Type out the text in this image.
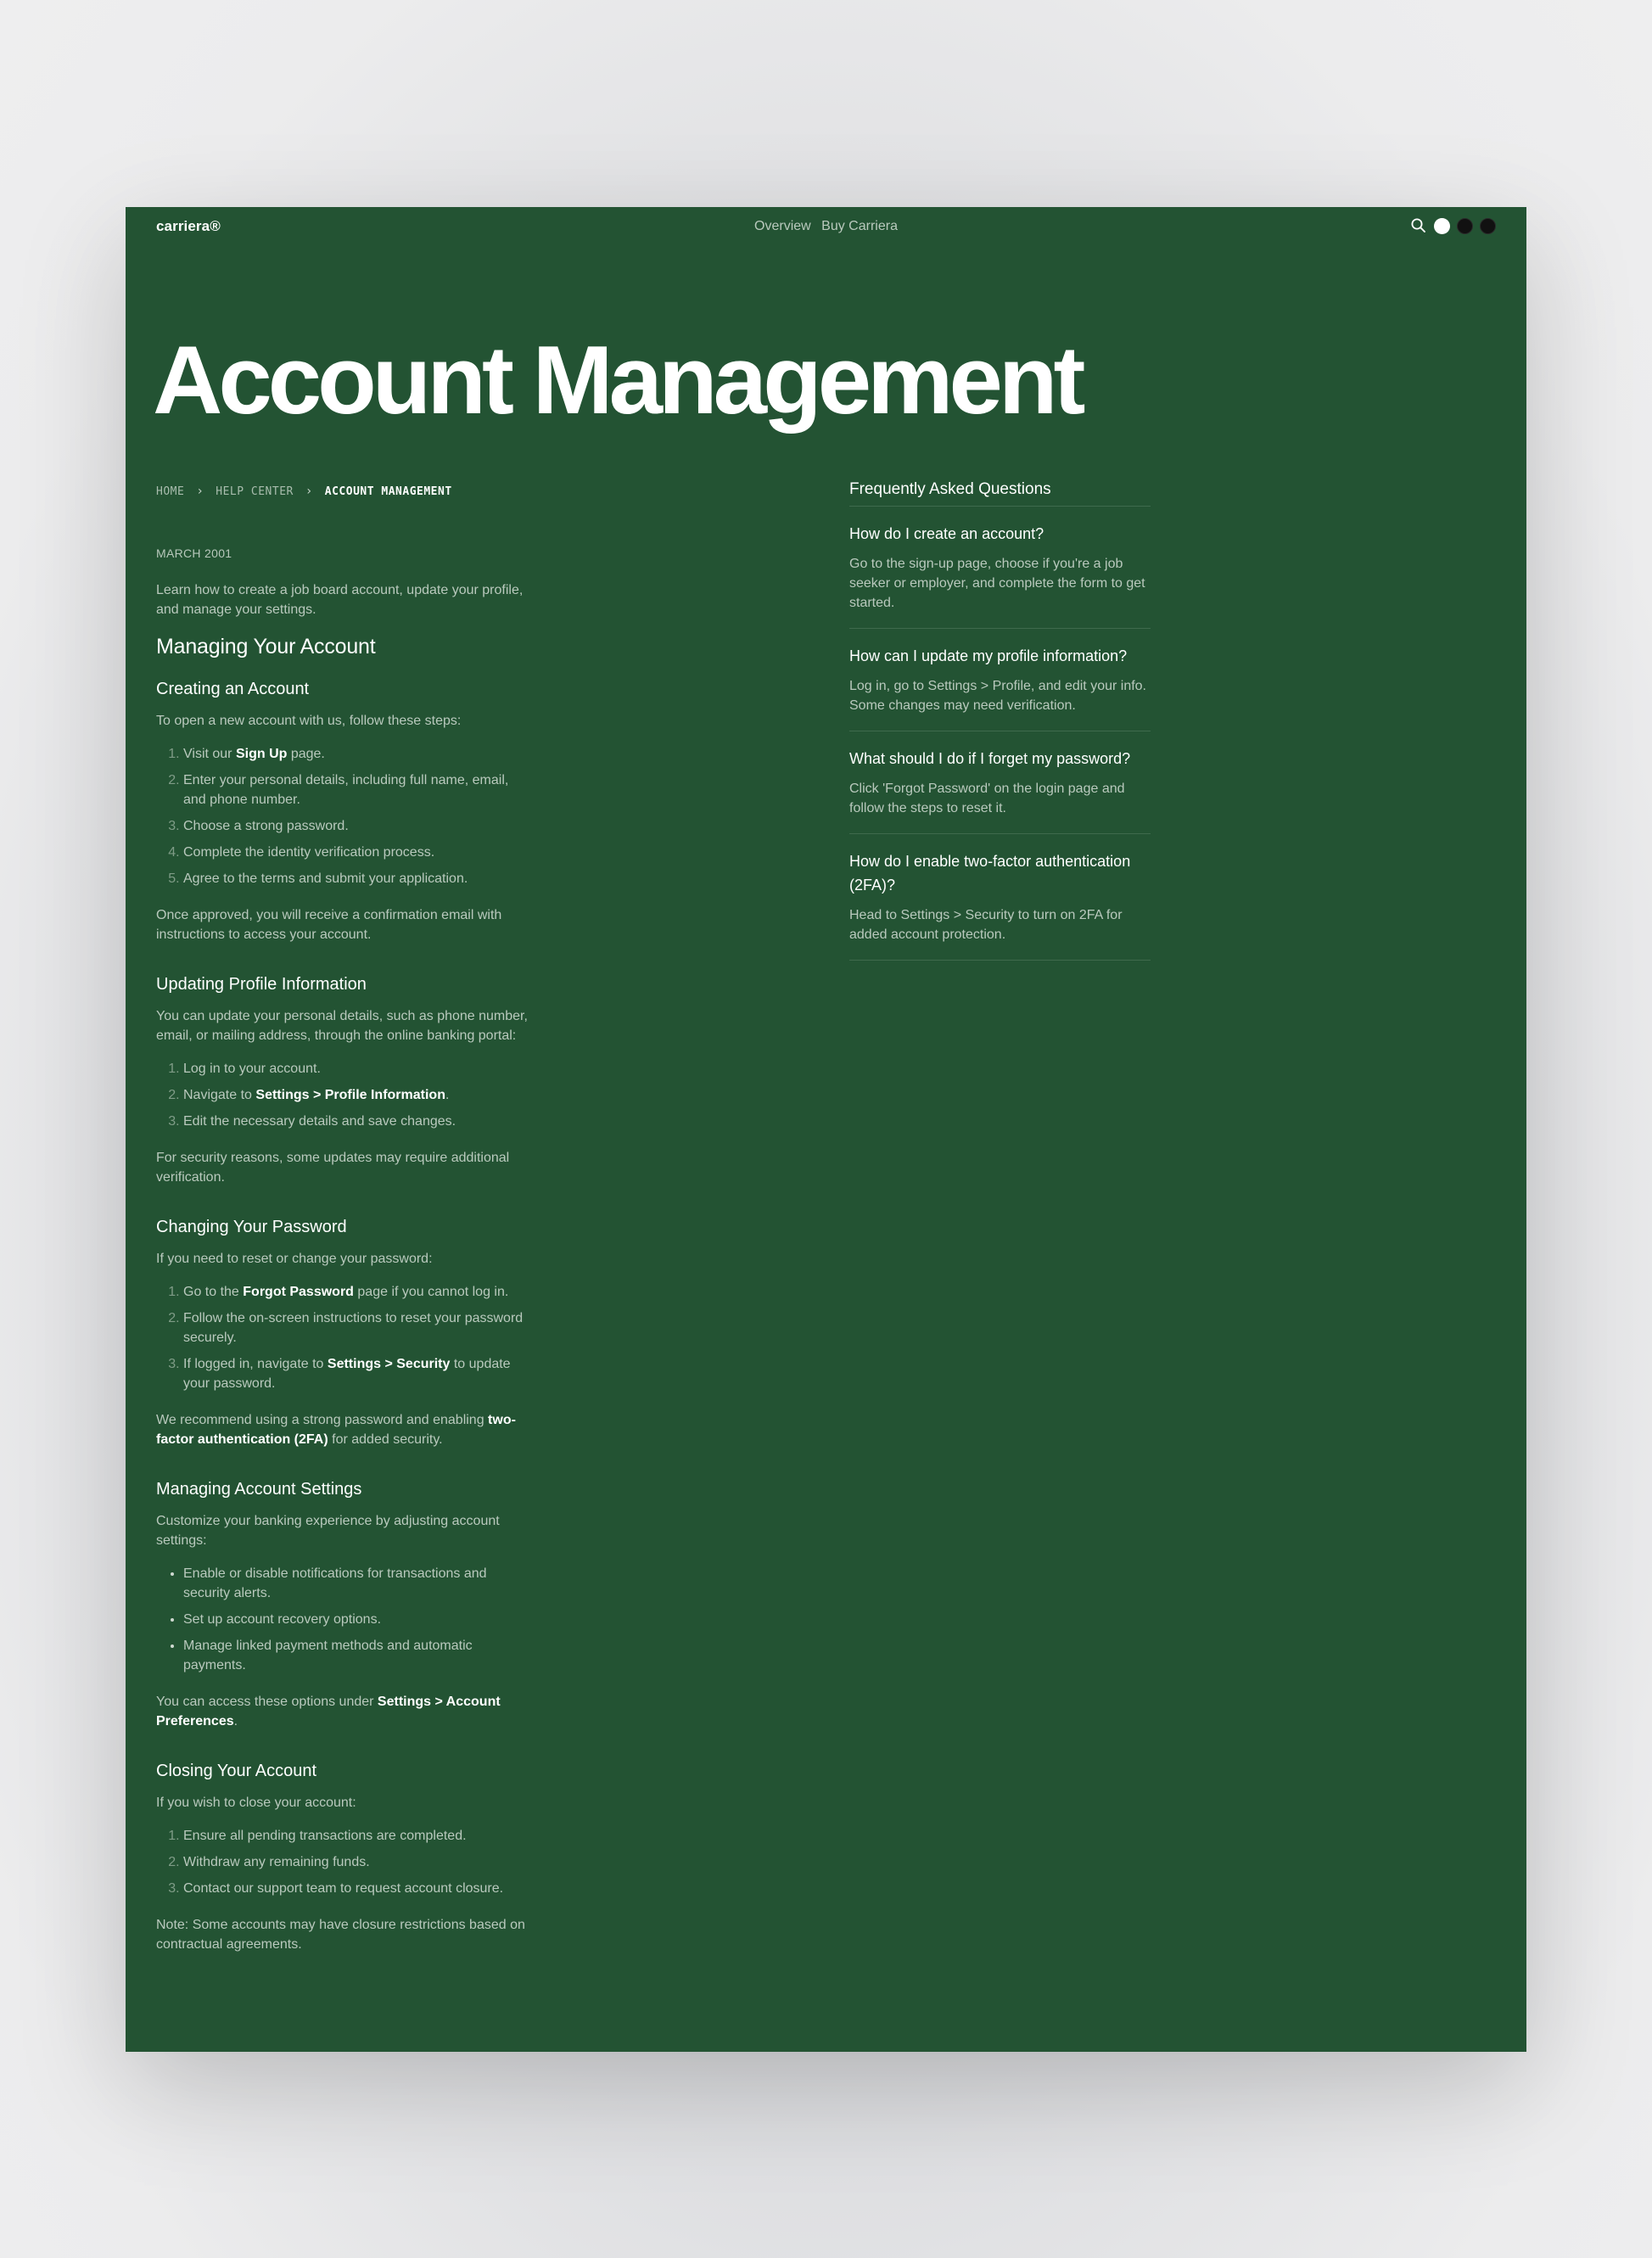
carriera®	Overview Buy Carriera
Account Management
HOME › HELP CENTER › ACCOUNT MANAGEMENT
MARCH 2001

Learn how to create a job board account, update your profile, and manage your settings.

Managing Your Account
Creating an Account

To open a new account with us, follow these steps:

1. Visit our Sign Up page.
2. Enter your personal details, including full name, email, and phone number.
3. Choose a strong password.
4. Complete the identity verification process.
5. Agree to the terms and submit your application.

Once approved, you will receive a confirmation email with instructions to access your account.

Updating Profile Information

You can update your personal details, such as phone number, email, or mailing address, through the online banking portal:

1. Log in to your account.
2. Navigate to Settings > Profile Information.
3. Edit the necessary details and save changes.

For security reasons, some updates may require additional verification.

Changing Your Password

If you need to reset or change your password:

1. Go to the Forgot Password page if you cannot log in.
2. Follow the on-screen instructions to reset your password securely.
3. If logged in, navigate to Settings > Security to update your password.

We recommend using a strong password and enabling two-factor authentication (2FA) for added security.

Managing Account Settings

Customize your banking experience by adjusting account settings:

• Enable or disable notifications for transactions and security alerts.
• Set up account recovery options.
• Manage linked payment methods and automatic payments.

You can access these options under Settings > Account Preferences.

Closing Your Account

If you wish to close your account:

1. Ensure all pending transactions are completed.
2. Withdraw any remaining funds.
3. Contact our support team to request account closure.

Note: Some accounts may have closure restrictions based on contractual agreements.

Frequently Asked Questions
How do I create an account?
Go to the sign-up page, choose if you're a job seeker or employer, and complete the form to get started.
How can I update my profile information?
Log in, go to Settings > Profile, and edit your info. Some changes may need verification.
What should I do if I forget my password?
Click 'Forgot Password' on the login page and follow the steps to reset it.
How do I enable two-factor authentication (2FA)?
Head to Settings > Security to turn on 2FA for added account protection.
